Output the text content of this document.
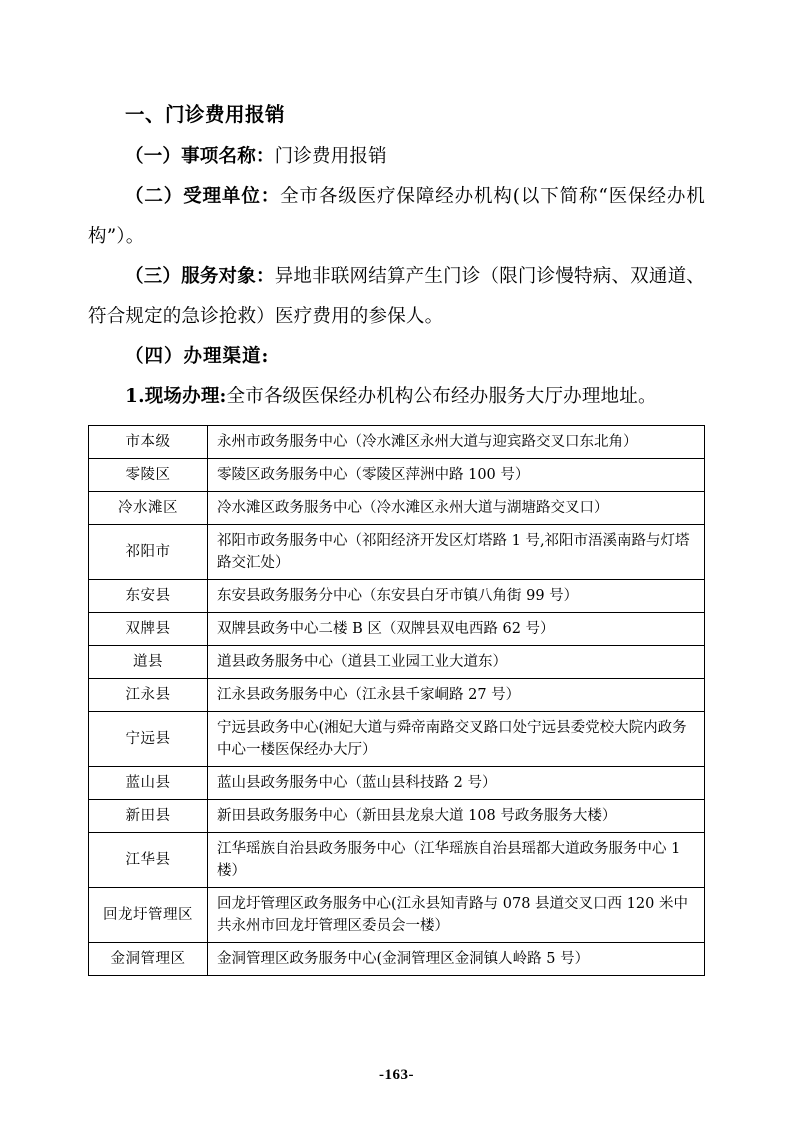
一、门诊费用报销

（一）事项名称：门诊费用报销

（二）受理单位：全市各级医疗保障经办机构(以下简称“医保经办机构”）。

（三）服务对象：异地非联网结算产生门诊（限门诊慢特病、双通道、符合规定的急诊抢救）医疗费用的参保人。

（四）办理渠道:

1.现场办理:全市各级医保经办机构公布经办服务大厅办理地址。

市本级	永州市政务服务中心（冷水滩区永州大道与迎宾路交叉口东北角）
零陵区	零陵区政务服务中心（零陵区萍洲中路 100 号）
冷水滩区	冷水滩区政务服务中心（冷水滩区永州大道与湖塘路交叉口）
祁阳市	祁阳市政务服务中心（祁阳经济开发区灯塔路 1 号,祁阳市浯溪南路与灯塔路交汇处）
东安县	东安县政务服务分中心（东安县白牙市镇八角街 99 号）
双牌县	双牌县政务中心二楼 B 区（双牌县双电西路 62 号）
道县	道县政务服务中心（道县工业园工业大道东）
江永县	江永县政务服务中心（江永县千家峒路 27 号）
宁远县	宁远县政务中心(湘妃大道与舜帝南路交叉路口处宁远县委党校大院内政务中心一楼医保经办大厅）
蓝山县	蓝山县政务服务中心（蓝山县科技路 2 号）
新田县	新田县政务服务中心（新田县龙泉大道 108 号政务服务大楼）
江华县	江华瑶族自治县政务服务中心（江华瑶族自治县瑶都大道政务服务中心 1 楼）
回龙圩管理区	回龙圩管理区政务服务中心(江永县知青路与 078 县道交叉口西 120 米中共永州市回龙圩管理区委员会一楼）
金洞管理区	金洞管理区政务服务中心(金洞管理区金洞镇人岭路 5 号）
-163-
